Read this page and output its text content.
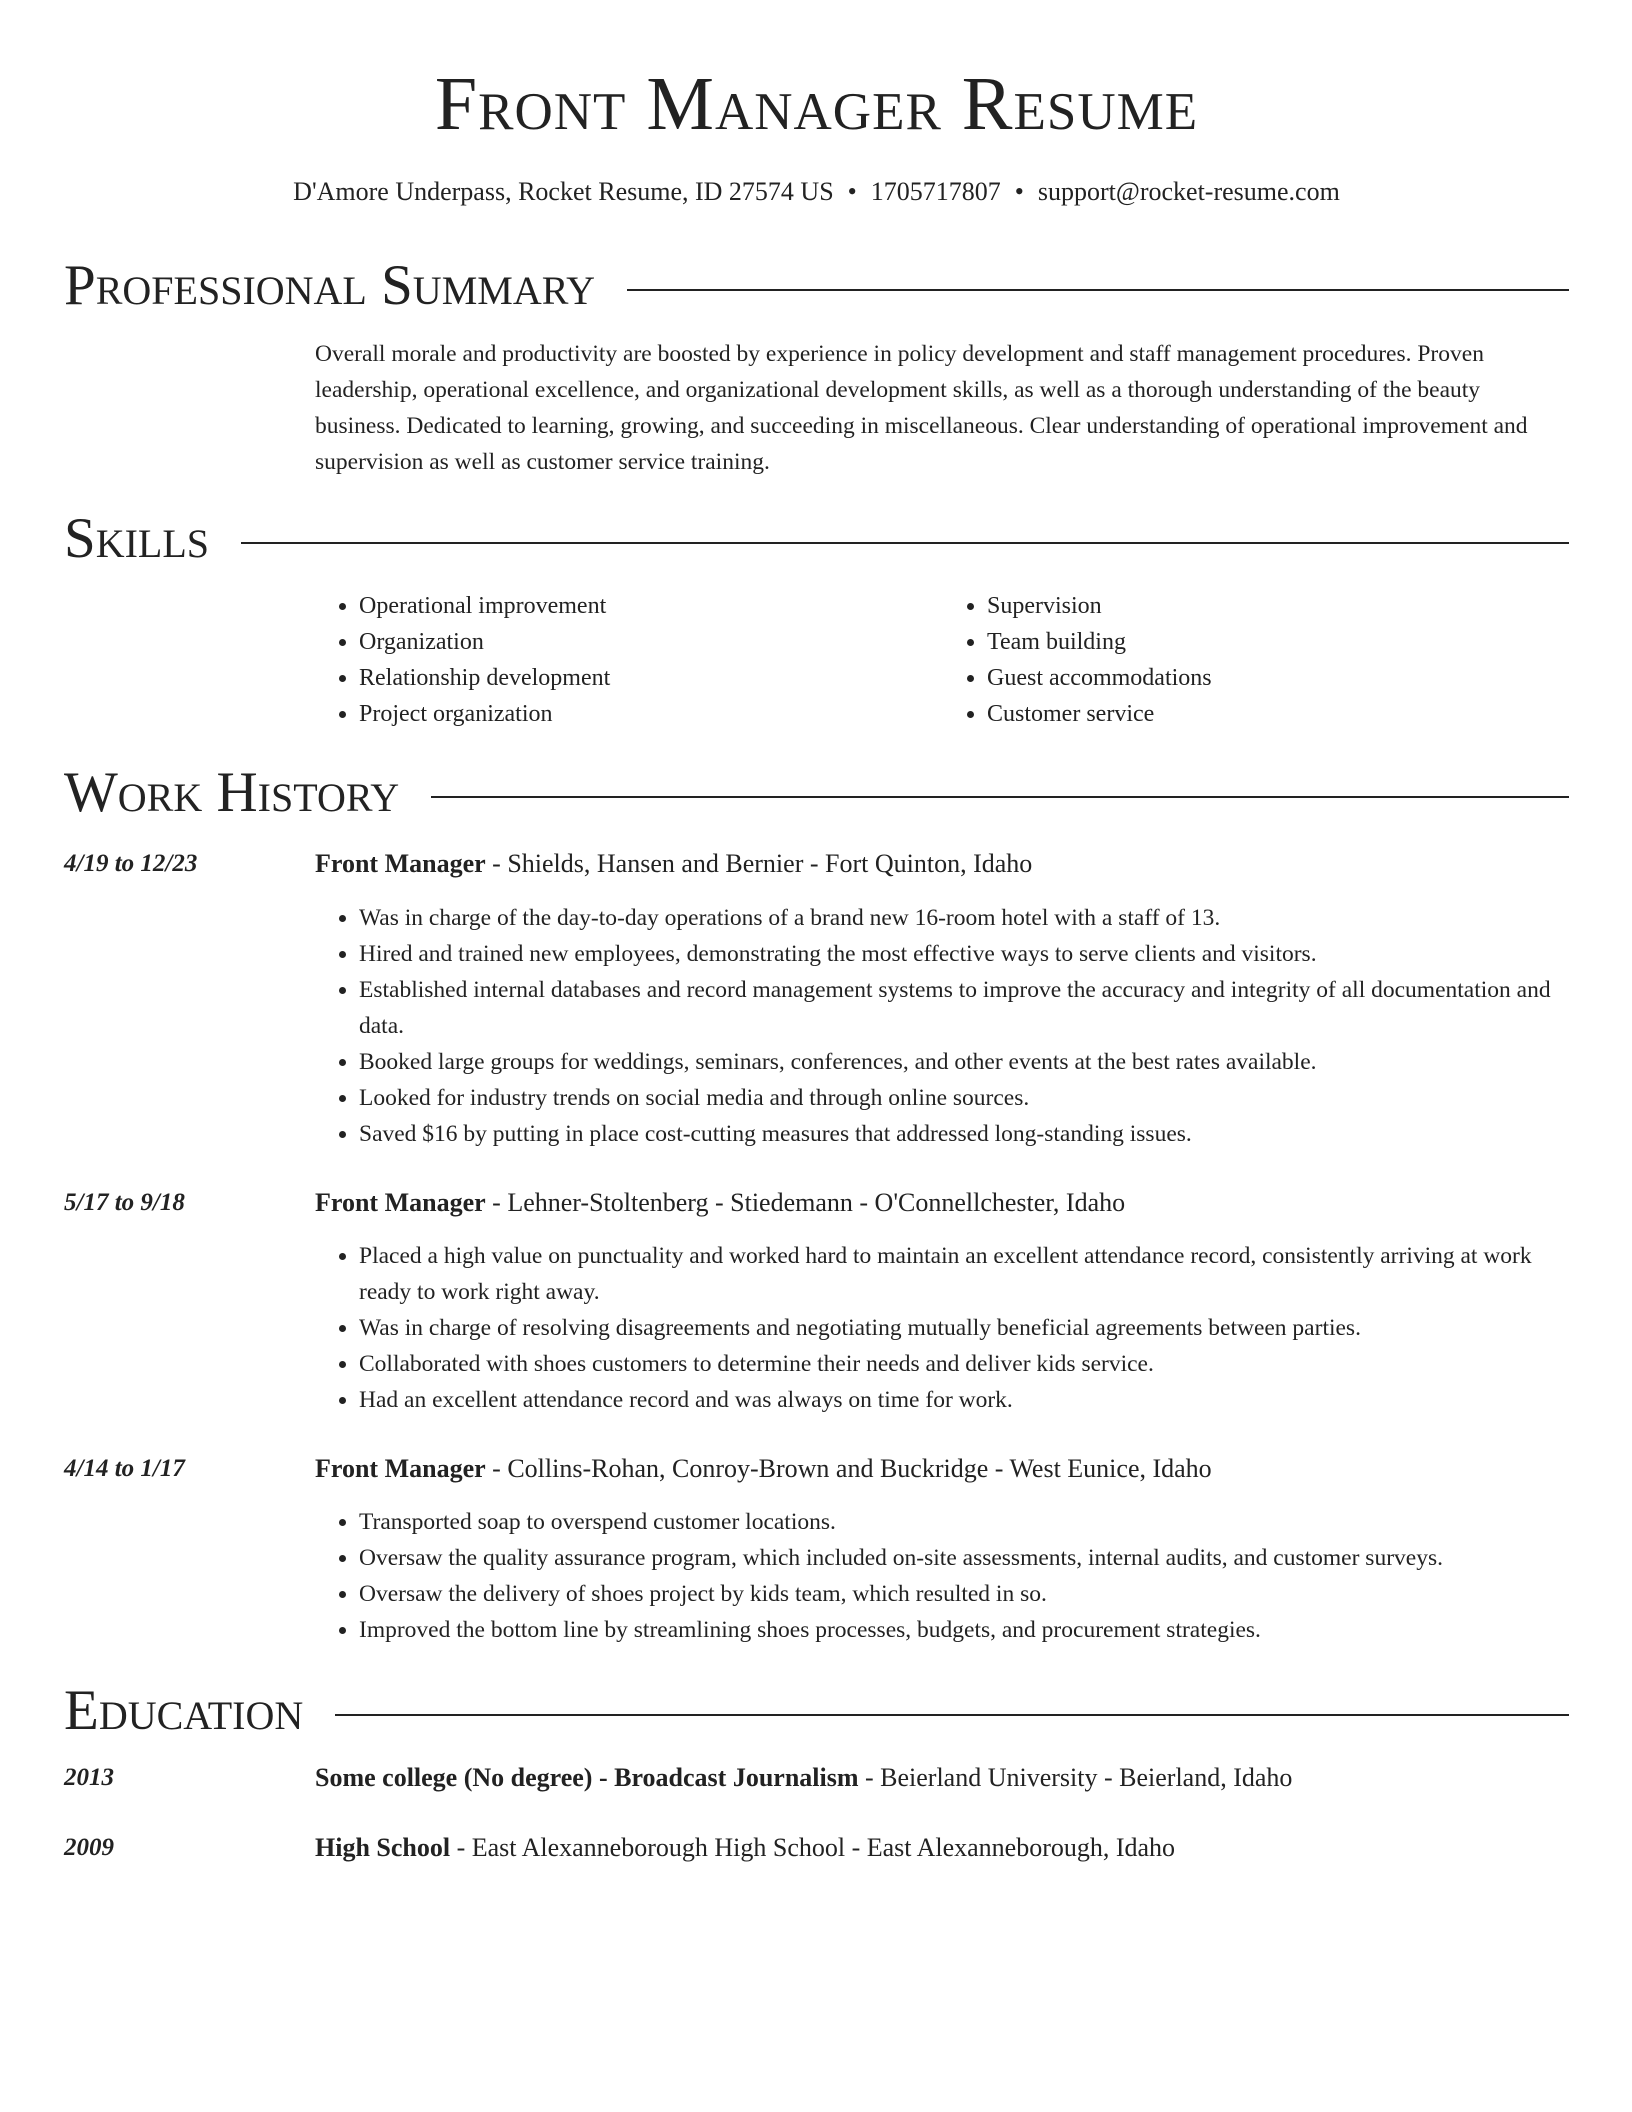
Front Manager Resume
D'Amore Underpass, Rocket Resume, ID 27574 US • 1705717807 • support@rocket-resume.com
Professional Summary

Overall morale and productivity are boosted by experience in policy development and staff management procedures. Proven leadership, operational excellence, and organizational development skills, as well as a thorough understanding of the beauty business. Dedicated to learning, growing, and succeeding in miscellaneous. Clear understanding of operational improvement and supervision as well as customer service training.

Skills
• Operational improvement
• Organization
• Relationship development
• Project organization
• Supervision
• Team building
• Guest accommodations
• Customer service
Work History
4/19 to 12/23	Front Manager - Shields, Hansen and Bernier - Fort Quinton, Idaho
• Was in charge of the day-to-day operations of a brand new 16-room hotel with a staff of 13.
• Hired and trained new employees, demonstrating the most effective ways to serve clients and visitors.
• Established internal databases and record management systems to improve the accuracy and integrity of all documentation and data.
• Booked large groups for weddings, seminars, conferences, and other events at the best rates available.
• Looked for industry trends on social media and through online sources.
• Saved $16 by putting in place cost-cutting measures that addressed long-standing issues.
5/17 to 9/18	Front Manager - Lehner-Stoltenberg - Stiedemann - O'Connellchester, Idaho
• Placed a high value on punctuality and worked hard to maintain an excellent attendance record, consistently arriving at work ready to work right away.
• Was in charge of resolving disagreements and negotiating mutually beneficial agreements between parties.
• Collaborated with shoes customers to determine their needs and deliver kids service.
• Had an excellent attendance record and was always on time for work.
4/14 to 1/17	Front Manager - Collins-Rohan, Conroy-Brown and Buckridge - West Eunice, Idaho
• Transported soap to overspend customer locations.
• Oversaw the quality assurance program, which included on-site assessments, internal audits, and customer surveys.
• Oversaw the delivery of shoes project by kids team, which resulted in so.
• Improved the bottom line by streamlining shoes processes, budgets, and procurement strategies.
Education
2013	Some college (No degree) - Broadcast Journalism - Beierland University - Beierland, Idaho
2009	High School - East Alexanneborough High School - East Alexanneborough, Idaho
